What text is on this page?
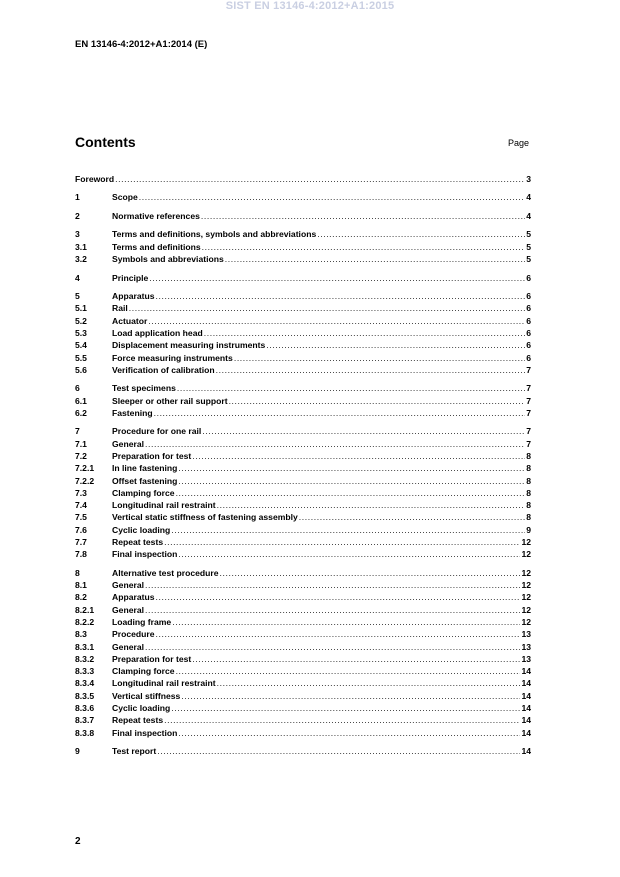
SIST EN 13146-4:2012+A1:2015
EN 13146-4:2012+A1:2014 (E)
Contents	Page
Foreword .....	3
1	Scope .....	4
2	Normative references .....	4
3	Terms and definitions, symbols and abbreviations .....	5
3.1	Terms and definitions .....	5
3.2	Symbols and abbreviations .....	5
4	Principle .....	6
5	Apparatus .....	6
5.1	Rail .....	6
5.2	Actuator .....	6
5.3	Load application head .....	6
5.4	Displacement measuring instruments .....	6
5.5	Force measuring instruments .....	6
5.6	Verification of calibration .....	7
6	Test specimens .....	7
6.1	Sleeper or other rail support .....	7
6.2	Fastening .....	7
7	Procedure for one rail .....	7
7.1	General .....	7
7.2	Preparation for test .....	8
7.2.1	In line fastening .....	8
7.2.2	Offset fastening .....	8
7.3	Clamping force .....	8
7.4	Longitudinal rail restraint .....	8
7.5	Vertical static stiffness of fastening assembly .....	8
7.6	Cyclic loading .....	9
7.7	Repeat tests .....	12
7.8	Final inspection .....	12
8	Alternative test procedure .....	12
8.1	General .....	12
8.2	Apparatus .....	12
8.2.1	General .....	12
8.2.2	Loading frame .....	12
8.3	Procedure .....	13
8.3.1	General .....	13
8.3.2	Preparation for test .....	13
8.3.3	Clamping force .....	14
8.3.4	Longitudinal rail restraint .....	14
8.3.5	Vertical stiffness .....	14
8.3.6	Cyclic loading .....	14
8.3.7	Repeat tests .....	14
8.3.8	Final inspection .....	14
9	Test report .....	14
2
